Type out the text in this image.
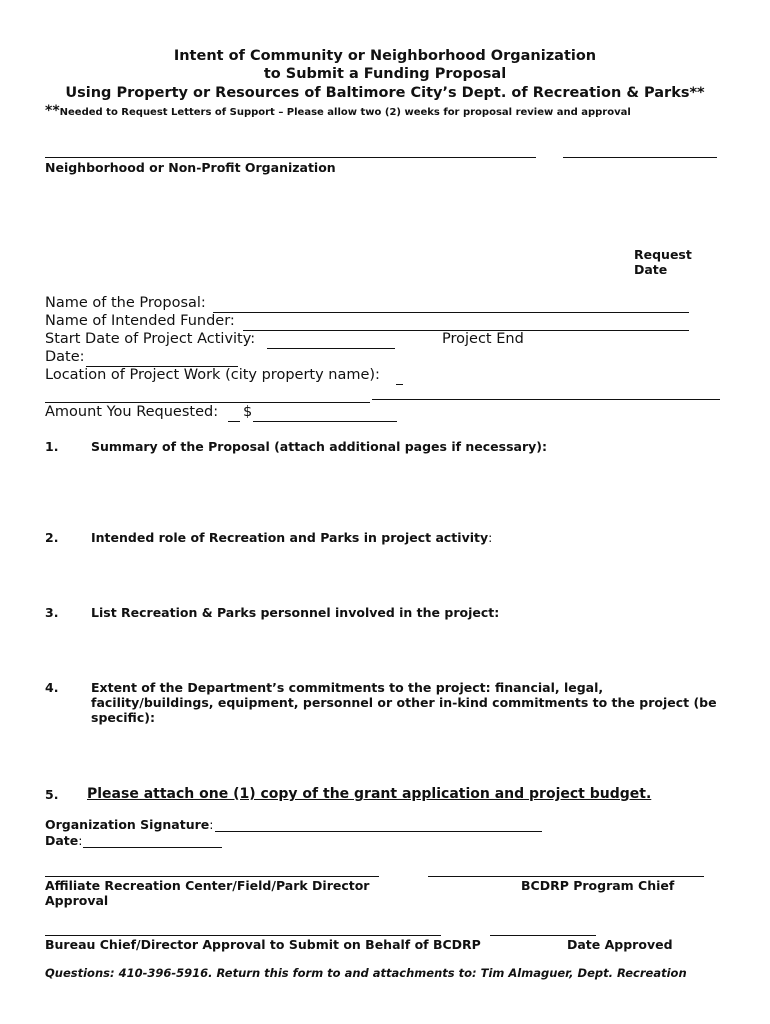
Intent of Community or Neighborhood Organization
to Submit a Funding Proposal
Using Property or Resources of Baltimore City’s Dept. of Recreation & Parks**
**Needed to Request Letters of Support – Please allow two (2) weeks for proposal review and approval
Neighborhood or Non-Profit Organization
Request
Date
Name of the Proposal:
Name of Intended Funder:
Start Date of Project Activity:	Project End
Date:
Location of Project Work (city property name):
Amount You Requested: $
1.	Summary of the Proposal (attach additional pages if necessary):
2.	Intended role of Recreation and Parks in project activity:
3.	List Recreation & Parks personnel involved in the project:
4.	Extent of the Department’s commitments to the project: financial, legal,
facility/buildings, equipment, personnel or other in-kind commitments to the project (be
specific):
5. Please attach one (1) copy of the grant application and project budget.
Organization Signature:
Date:
Affiliate Recreation Center/Field/Park Director
Approval
BCDRP Program Chief
Bureau Chief/Director Approval to Submit on Behalf of BCDRP	Date Approved
Questions: 410-396-5916. Return this form to and attachments to: Tim Almaguer, Dept. Recreation
